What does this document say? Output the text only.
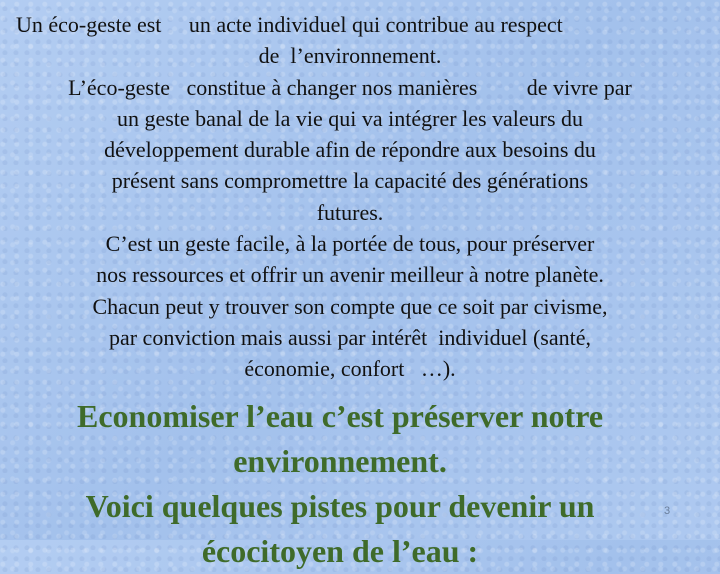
Un éco-geste est     un acte individuel qui contribue au respect
de  l’environnement.
L’éco-geste   constitue à changer nos manières         de vivre par
un geste banal de la vie qui va intégrer les valeurs du
développement durable afin de répondre aux besoins du
présent sans compromettre la capacité des générations
futures.
C’est un geste facile, à la portée de tous, pour préserver
nos ressources et offrir un avenir meilleur à notre planète.
Chacun peut y trouver son compte que ce soit par civisme,
par conviction mais aussi par intérêt  individuel (santé,
économie, confort   …).
Economiser l’eau c’est préserver notre
environnement.
Voici quelques pistes pour devenir un
écocitoyen de l’eau :
3
